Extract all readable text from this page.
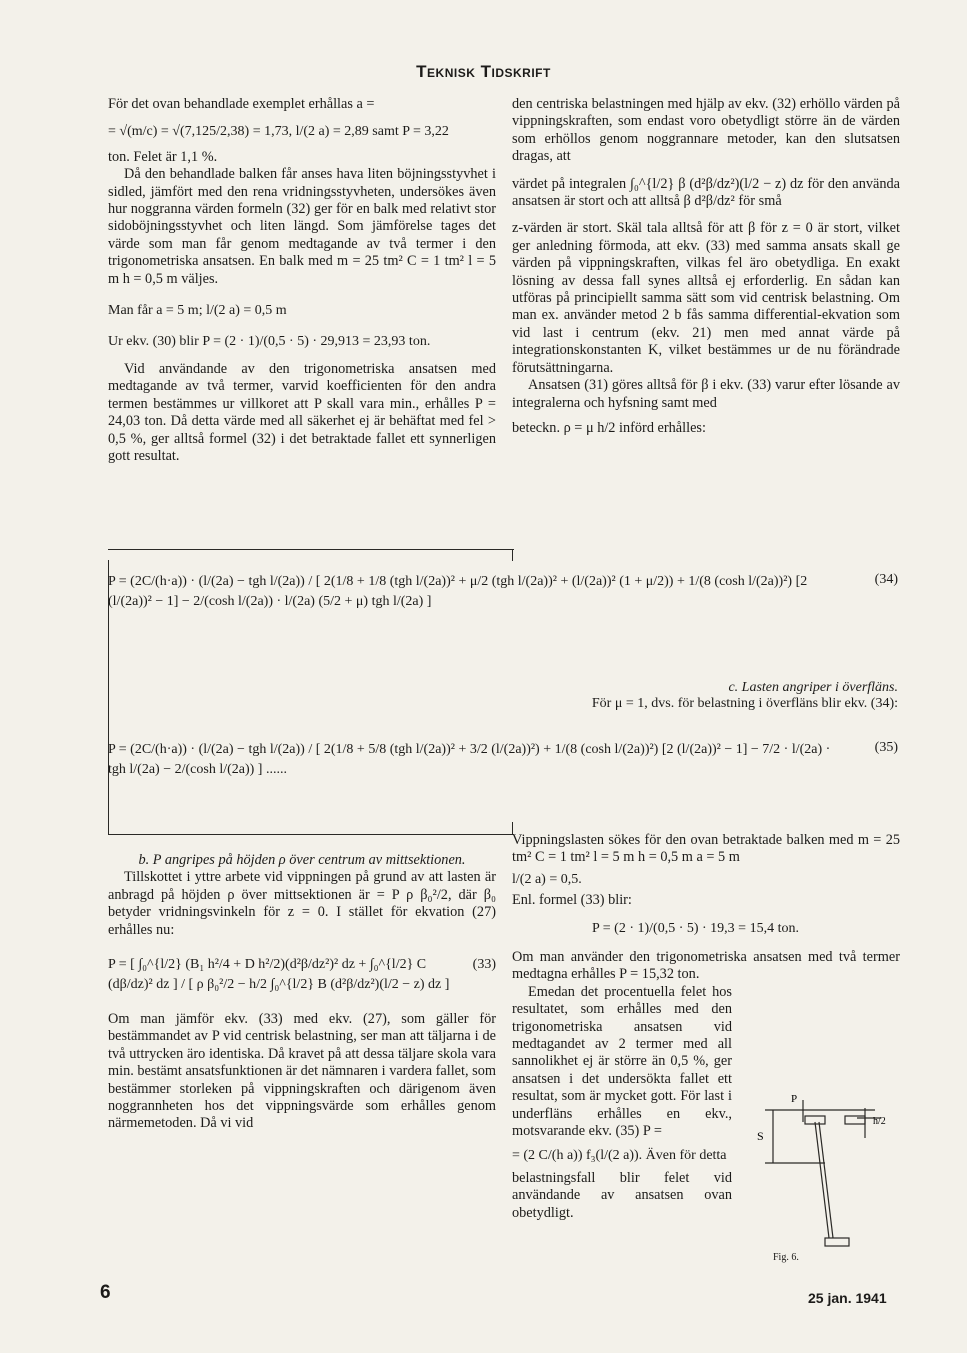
Teknisk Tidskrift

För det ovan behandlade exemplet erhållas a =

= √(m/c) = √(7,125/2,38) = 1,73, l/(2 a) = 2,89 samt P = 3,22

ton. Felet är 1,1 %.

Då den behandlade balken får anses hava liten böjningsstyvhet i sidled, jämfört med den rena vridningsstyvheten, undersökes även hur noggranna värden formeln (32) ger för en balk med relativt stor sidoböjningsstyvhet och liten längd. Som jämförelse tages det värde som man får genom medtagande av två termer i den trigonometriska ansatsen. En balk med m = 25 tm² C = 1 tm² l = 5 m h = 0,5 m väljes.

Man får a = 5 m; l/(2 a) = 0,5 m

Ur ekv. (30) blir P = (2 · 1)/(0,5 · 5) · 29,913 = 23,93 ton.

Vid användande av den trigonometriska ansatsen med medtagande av två termer, varvid koefficienten för den andra termen bestämmes ur villkoret att P skall vara min., erhålles P = 24,03 ton. Då detta värde med all säkerhet ej är behäftat med fel > 0,5 %, ger alltså formel (32) i det betraktade fallet ett synnerligen gott resultat.

den centriska belastningen med hjälp av ekv. (32) erhöllo värden på vippningskraften, som endast voro obetydligt större än de värden som erhöllos genom noggrannare metoder, kan den slutsatsen dragas, att

värdet på integralen ∫₀^{l/2} β (d²β/dz²)(l/2 − z) dz för den använda ansatsen är stort och att alltså β d²β/dz² för små

z-värden är stort. Skäl tala alltså för att β för z = 0 är stort, vilket ger anledning förmoda, att ekv. (33) med samma ansats skall ge värden på vippningskraften, vilkas fel äro obetydliga. En exakt lösning av dessa fall synes alltså ej erforderlig. En sådan kan utföras på principiellt samma sätt som vid centrisk belastning. Om man ex. använder metod 2 b fås samma differential-ekvation som vid last i centrum (ekv. 21) men med annat värde på integrationskonstanten K, vilket bestämmes ur de nu förändrade förutsättningarna.

Ansatsen (31) göres alltså för β i ekv. (33) varur efter lösande av integralerna och hyfsning samt med

beteckn. ρ = μ h/2 införd erhålles:

(34)
P = (2C/(h·a)) · (l/(2a) − tgh l/(2a)) / [ 2(1/8 + 1/8 (tgh l/(2a))² + μ/2 (tgh l/(2a))² + (l/(2a))² (1 + μ/2)) + 1/(8 (cosh l/(2a))²) [2 (l/(2a))² − 1] − 2/(cosh l/(2a)) · l/(2a) (5/2 + μ) tgh l/(2a) ]
c. Lasten angriper i överfläns.
För μ = 1, dvs. för belastning i överfläns blir ekv. (34):
(35)
P = (2C/(h·a)) · (l/(2a) − tgh l/(2a)) / [ 2(1/8 + 5/8 (tgh l/(2a))² + 3/2 (l/(2a))²) + 1/(8 (cosh l/(2a))²) [2 (l/(2a))² − 1] − 7/2 · l/(2a) · tgh l/(2a) − 2/(cosh l/(2a)) ] ......

b. P angripes på höjden ρ över centrum av mittsektionen.

Tillskottet i yttre arbete vid vippningen på grund av att lasten är anbragd på höjden ρ över mittsektionen är = P ρ β₀²/2, där β₀ betyder vridningsvinkeln för z = 0. I stället för ekvation (27) erhålles nu:

(33)
P = [ ∫₀^{l/2} (B₁ h²/4 + D h²/2)(d²β/dz²)² dz + ∫₀^{l/2} C (dβ/dz)² dz ] / [ ρ β₀²/2 − h/2 ∫₀^{l/2} B (d²β/dz²)(l/2 − z) dz ]

Om man jämför ekv. (33) med ekv. (27), som gäller för bestämmandet av P vid centrisk belastning, ser man att täljarna i de två uttrycken äro identiska. Då kravet på att dessa täljare skola vara min. bestämt ansatsfunktionen är det nämnaren i vardera fallet, som bestämmer storleken på vippningskraften och därigenom även noggrannheten hos det vippningsvärde som erhålles genom närmemetoden. Då vi vid

Vippningslasten sökes för den ovan betraktade balken med m = 25 tm² C = 1 tm² l = 5 m h = 0,5 m a = 5 m

l/(2 a) = 0,5.

Enl. formel (33) blir:

P = (2 · 1)/(0,5 · 5) · 19,3 = 15,4 ton.

Om man använder den trigonometriska ansatsen med två termer medtagna erhålles P = 15,32 ton.

Emedan det procentuella felet hos resultatet, som erhålles med den trigonometriska ansatsen vid medtagandet av 2 termer med all sannolikhet ej är större än 0,5 %, ger ansatsen i det undersökta fallet ett resultat, som är mycket gott. För last i underfläns erhålles en ekv., motsvarande ekv. (35) P =

= (2 C/(h a)) f₃(l/(2 a)). Även för detta

belastningsfall blir felet vid användande av ansatsen ovan obetydligt.

P
S
h/2
Fig. 6.
6	25 jan. 1941
